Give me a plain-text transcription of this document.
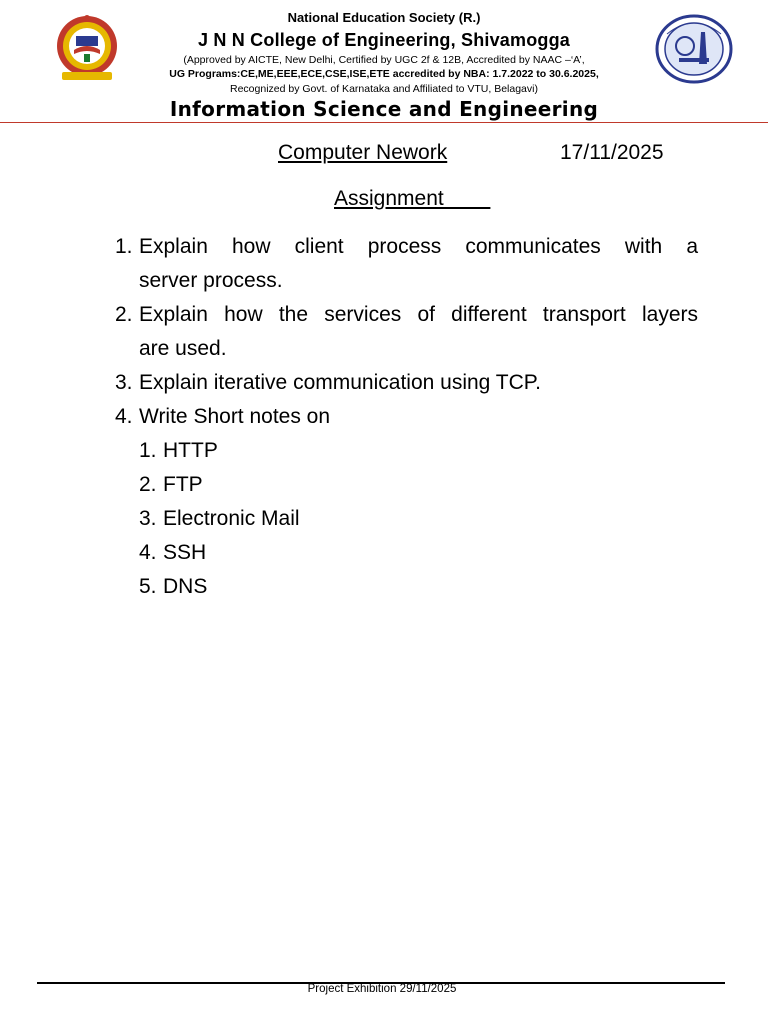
National Education Society (R.)
J N N College of Engineering, Shivamogga
(Approved by AICTE, New Delhi, Certified by UGC 2f & 12B, Accredited by NAAC –‘A’,
UG Programs:CE,ME,EEE,ECE,CSE,ISE,ETE accredited by NBA: 1.7.2022 to 30.6.2025,
Recognized by Govt. of Karnataka and Affiliated to VTU, Belagavi)
Information Science and Engineering
Computer Nework	17/11/2025
Assignment
1. Explain how client process communicates with a
server process.
2. Explain how the services of different transport layers
are used.
3. Explain iterative communication using TCP.
4. Write Short notes on
1. HTTP
2. FTP
3. Electronic Mail
4. SSH
5. DNS
Project Exhibition 29/11/2025
